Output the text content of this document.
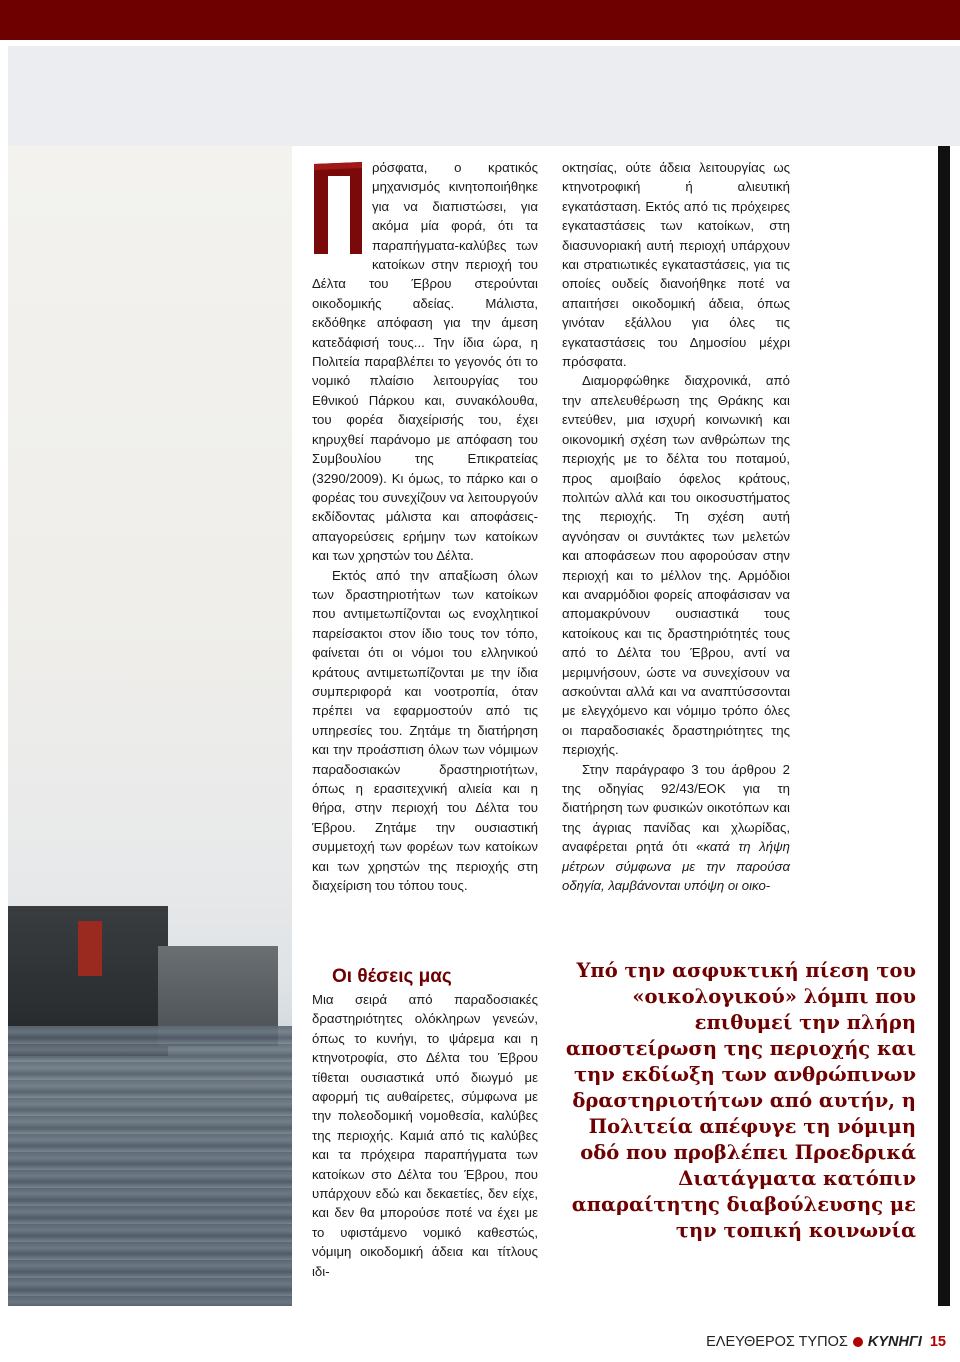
ρόσφατα, ο κρατικός μηχανισμός κινητοποιήθηκε για να διαπιστώσει, για ακόμα μία φορά, ότι τα παραπήγματα-καλύβες των κατοίκων στην περιοχή του Δέλτα του Έβρου στερούνται οικοδομικής αδείας. Μάλιστα, εκδόθηκε απόφαση για την άμεση κατεδάφισή τους... Την ίδια ώρα, η Πολιτεία παραβλέπει το γεγονός ότι το νομικό πλαίσιο λειτουργίας του Εθνικού Πάρκου και, συνακόλουθα, του φορέα διαχείρισής του, έχει κηρυχθεί παράνομο με απόφαση του Συμβουλίου της Επικρατείας (3290/2009). Κι όμως, το πάρκο και ο φορέας του συνεχίζουν να λειτουργούν εκδίδοντας μάλιστα και αποφάσεις-απαγορεύσεις ερήμην των κατοίκων και των χρηστών του Δέλτα.

Εκτός από την απαξίωση όλων των δραστηριοτήτων των κατοίκων που αντιμετωπίζονται ως ενοχλητικοί παρείσακτοι στον ίδιο τους τον τόπο, φαίνεται ότι οι νόμοι του ελληνικού κράτους αντιμετωπίζονται με την ίδια συμπεριφορά και νοοτροπία, όταν πρέπει να εφαρμοστούν από τις υπηρεσίες του. Ζητάμε τη διατήρηση και την προάσπιση όλων των νόμιμων παραδοσιακών δραστηριοτήτων, όπως η ερασιτεχνική αλιεία και η θήρα, στην περιοχή του Δέλτα του Έβρου. Ζητάμε την ουσιαστική συμμετοχή των φορέων των κατοίκων και των χρηστών της περιοχής στη διαχείριση του τόπου τους.

Οι θέσεις μας

Μια σειρά από παραδοσιακές δραστηριότητες ολόκληρων γενεών, όπως το κυνήγι, το ψάρεμα και η κτηνοτροφία, στο Δέλτα του Έβρου τίθεται ουσιαστικά υπό διωγμό με αφορμή τις αυθαίρετες, σύμφωνα με την πολεοδομική νομοθεσία, καλύβες της περιοχής. Καμιά από τις καλύβες και τα πρόχειρα παραπήγματα των κατοίκων στο Δέλτα του Έβρου, που υπάρχουν εδώ και δεκαετίες, δεν είχε, και δεν θα μπορούσε ποτέ να έχει με το υφιστάμενο νομικό καθεστώς, νόμιμη οικοδομική άδεια και τίτλους ιδι-

οκτησίας, ούτε άδεια λειτουργίας ως κτηνοτροφική ή αλιευτική εγκατάσταση. Εκτός από τις πρόχειρες εγκαταστάσεις των κατοίκων, στη διασυνοριακή αυτή περιοχή υπάρχουν και στρατιωτικές εγκαταστάσεις, για τις οποίες ουδείς διανοήθηκε ποτέ να απαιτήσει οικοδομική άδεια, όπως γινόταν εξάλλου για όλες τις εγκαταστάσεις του Δημοσίου μέχρι πρόσφατα.

Διαμορφώθηκε διαχρονικά, από την απελευθέρωση της Θράκης και εντεύθεν, μια ισχυρή κοινωνική και οικονομική σχέση των ανθρώπων της περιοχής με το δέλτα του ποταμού, προς αμοιβαίο όφελος κράτους, πολιτών αλλά και του οικοσυστήματος της περιοχής. Τη σχέση αυτή αγνόησαν οι συντάκτες των μελετών και αποφάσεων που αφορούσαν στην περιοχή και το μέλλον της. Αρμόδιοι και αναρμόδιοι φορείς αποφάσισαν να απομακρύνουν ουσιαστικά τους κατοίκους και τις δραστηριότητές τους από το Δέλτα του Έβρου, αντί να μεριμνήσουν, ώστε να συνεχίσουν να ασκούνται αλλά και να αναπτύσσονται με ελεγχόμενο και νόμιμο τρόπο όλες οι παραδοσιακές δραστηριότητες της περιοχής.

Στην παράγραφο 3 του άρθρου 2 της οδηγίας 92/43/ΕΟΚ για τη διατήρηση των φυσικών οικοτόπων και της άγριας πανίδας και χλωρίδας, αναφέρεται ρητά ότι «κατά τη λήψη μέτρων σύμφωνα με την παρούσα οδηγία, λαμβάνονται υπόψη οι οικο-

Υπό την ασφυκτική πίεση του «οικολογικού» λόμπι που επιθυμεί την πλήρη αποστείρωση της περιοχής και την εκδίωξη των ανθρώπινων δραστηριοτήτων από αυτήν, η Πολιτεία απέφυγε τη νόμιμη οδό που προβλέπει Προεδρικά Διατάγματα κατόπιν απαραίτητης διαβούλευσης με την τοπική κοινωνία
ΕΛΕΥΘΕΡΟΣ ΤΥΠΟΣ ΚΥΝΗΓΙ 15
